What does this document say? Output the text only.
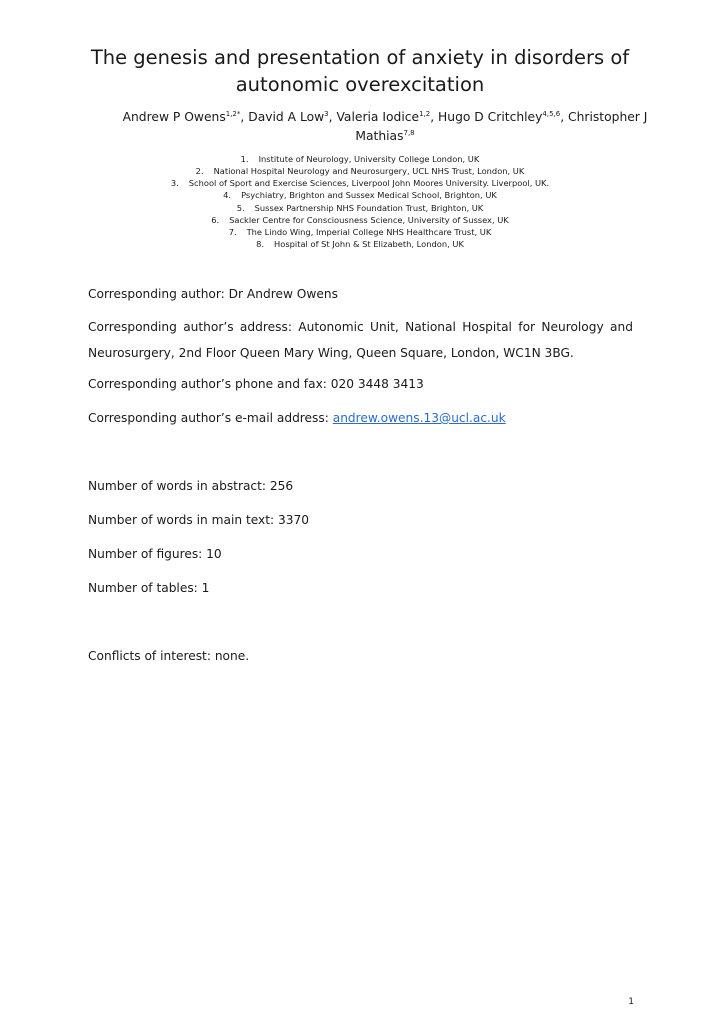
The genesis and presentation of anxiety in disorders of autonomic overexcitation

Andrew P Owens$^{1,2*}$, David A Low$^3$, Valeria Iodice$^{1,2}$, Hugo D Critchley$^{4,5,6}$, Christopher J Mathias$^{7,8}$

1. Institute of Neurology, University College London, UK
2. National Hospital Neurology and Neurosurgery, UCL NHS Trust, London, UK
3. School of Sport and Exercise Sciences, Liverpool John Moores University. Liverpool, UK.
4. Psychiatry, Brighton and Sussex Medical School, Brighton, UK
5. Sussex Partnership NHS Foundation Trust, Brighton, UK
6. Sackler Centre for Consciousness Science, University of Sussex, UK
7. The Lindo Wing, Imperial College NHS Healthcare Trust, UK
8. Hospital of St John & St Elizabeth, London, UK

Corresponding author: Dr Andrew Owens

Corresponding author’s address: Autonomic Unit, National Hospital for Neurology and Neurosurgery, 2nd Floor Queen Mary Wing, Queen Square, London, WC1N 3BG.

Corresponding author’s phone and fax: 020 3448 3413

Corresponding author’s e-mail address: andrew.owens.13@ucl.ac.uk

Number of words in abstract: 256

Number of words in main text: 3370

Number of figures: 10

Number of tables: 1

Conflicts of interest: none.

1
